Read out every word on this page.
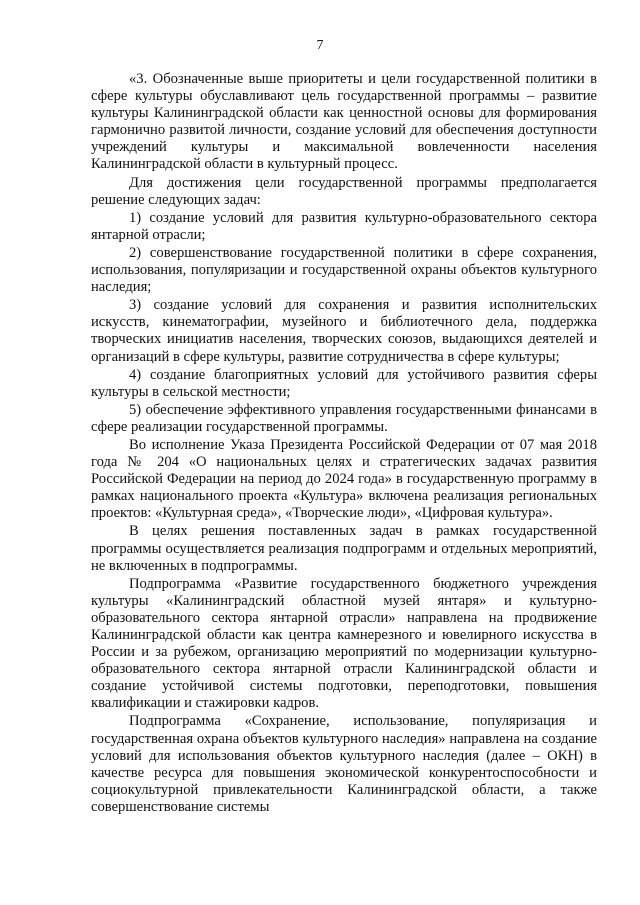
7

«3. Обозначенные выше приоритеты и цели государственной политики в сфере культуры обуславливают цель государственной программы – развитие культуры Калининградской области как ценностной основы для формирования гармонично развитой личности, создание условий для обеспечения доступности учреждений культуры и максимальной вовлеченности населения Калининградской области в культурный процесс.

Для достижения цели государственной программы предполагается решение следующих задач:

1) создание условий для развития культурно-образовательного сектора янтарной отрасли;

2) совершенствование государственной политики в сфере сохранения, использования, популяризации и государственной охраны объектов культурного наследия;

3) создание условий для сохранения и развития исполнительских искусств, кинематографии, музейного и библиотечного дела, поддержка творческих инициатив населения, творческих союзов, выдающихся деятелей и организаций в сфере культуры, развитие сотрудничества в сфере культуры;

4) создание благоприятных условий для устойчивого развития сферы культуры в сельской местности;

5) обеспечение эффективного управления государственными финансами в сфере реализации государственной программы.

Во исполнение Указа Президента Российской Федерации от 07 мая 2018 года № 204 «О национальных целях и стратегических задачах развития Российской Федерации на период до 2024 года» в государственную программу в рамках национального проекта «Культура» включена реализация региональных проектов: «Культурная среда», «Творческие люди», «Цифровая культура».

В целях решения поставленных задач в рамках государственной программы осуществляется реализация подпрограмм и отдельных мероприятий, не включенных в подпрограммы.

Подпрограмма «Развитие государственного бюджетного учреждения культуры «Калининградский областной музей янтаря» и культурно-образовательного сектора янтарной отрасли» направлена на продвижение Калининградской области как центра камнерезного и ювелирного искусства в России и за рубежом, организацию мероприятий по модернизации культурно-образовательного сектора янтарной отрасли Калининградской области и создание устойчивой системы подготовки, переподготовки, повышения квалификации и стажировки кадров.

Подпрограмма «Сохранение, использование, популяризация и государственная охрана объектов культурного наследия» направлена на создание условий для использования объектов культурного наследия (далее – ОКН) в качестве ресурса для повышения экономической конкурентоспособности и социокультурной привлекательности Калининградской области, а также совершенствование системы
